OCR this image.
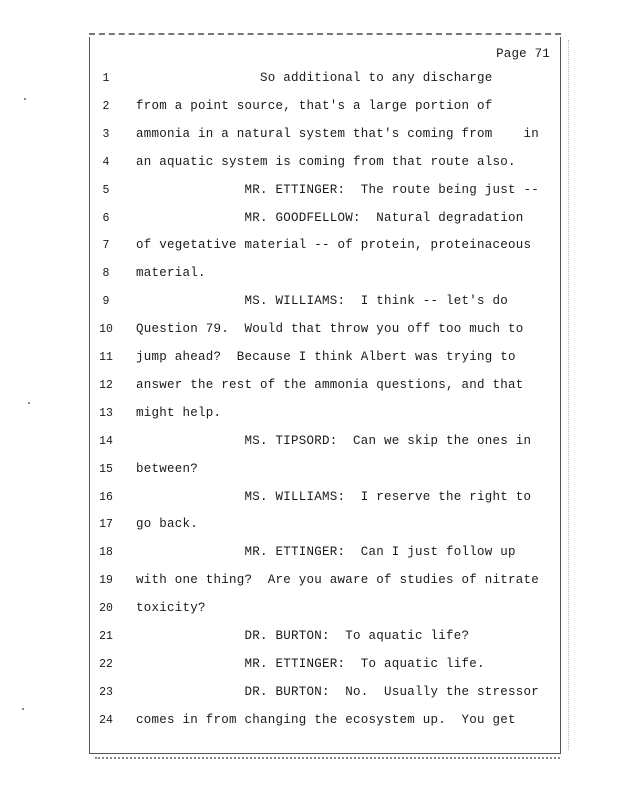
Page 71
1	So additional to any discharge
2	from a point source, that's a large portion of
3	ammonia in a natural system that's coming from    in
4	an aquatic system is coming from that route also.
5	MR. ETTINGER:  The route being just --
6	MR. GOODFELLOW:  Natural degradation
7	of vegetative material -- of protein, proteinaceous
8	material.
9	MS. WILLIAMS:  I think -- let's do
10 Question 79.  Would that throw you off too much to
11 jump ahead?  Because I think Albert was trying to
12 answer the rest of the ammonia questions, and that
13 might help.
14 MS. TIPSORD:  Can we skip the ones in
15 between?
16 MS. WILLIAMS:  I reserve the right to
17 go back.
18 MR. ETTINGER:  Can I just follow up
19 with one thing?  Are you aware of studies of nitrate
20 toxicity?
21 DR. BURTON:  To aquatic life?
22 MR. ETTINGER:  To aquatic life.
23 DR. BURTON:  No.  Usually the stressor
24 comes in from changing the ecosystem up.  You get
